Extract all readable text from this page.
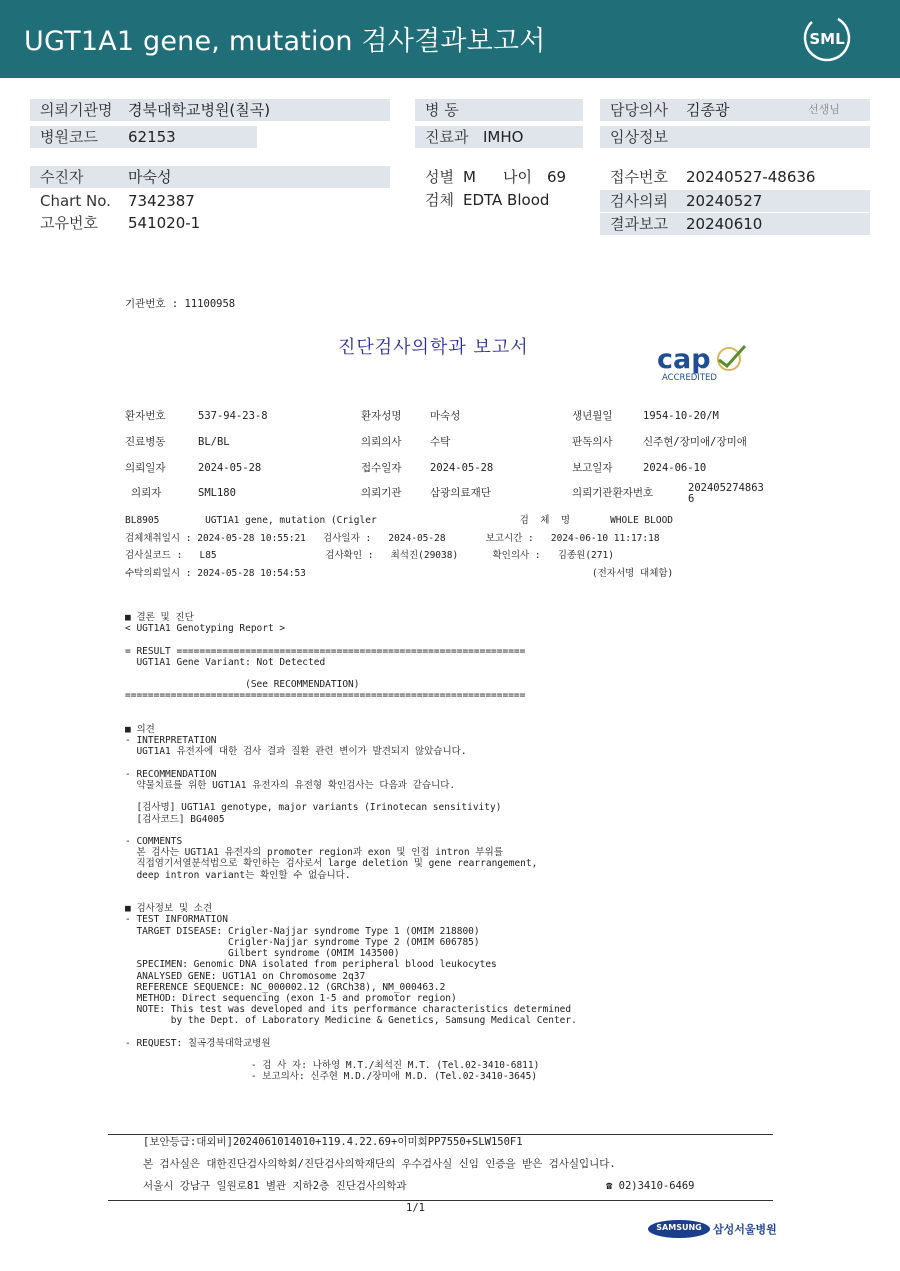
UGT1A1 gene, mutation 검사결과보고서	SML
의뢰기관명 경북대학교병원(칠곡)
병원코드 62153
병 동
진료과 IMHO
담당의사 김종광	선생님
임상정보
수진자	마숙성
Chart No. 7342387
고유번호 541020-1
성별 M 나이 69
검체 EDTA Blood
접수번호 20240527-48636
검사의뢰 20240527
결과보고 20240610
기관번호 : 11100958
진단검사의학과 보고서	cap
ACCREDITED
환자번호	537-94-23-8	환자성명	마숙성	생년월일	1954-10-20/M
진료병동	BL/BL	의뢰의사	수탁	판독의사	신주현/장미애/장미애
의뢰일자	2024-05-28	접수일자	2024-05-28	보고일자	2024-06-10
의뢰자	SML180	의뢰기관	삼광의료재단	의뢰기관환자번호	202405274863
6
BL8905        UGT1A1 gene, mutation (Crigler                         검  체  명       WHOLE BLOOD
검체채취일시 : 2024-05-28 10:55:21   검사일자 :   2024-05-28       보고시간 :   2024-06-10 11:17:18
검사실코드 :   L85                   검사확인 :   최석진(29038)      확인의사 :   김종원(271)
수탁의뢰일시 : 2024-05-28 10:54:53                                                  (전자서명 대체함)
■ 결론 및 진단
< UGT1A1 Genotyping Report >

= RESULT =============================================================
UGT1A1 Gene Variant: Not Detected

(See RECOMMENDATION)
======================================================================

■ 의견
- INTERPRETATION
UGT1A1 유전자에 대한 검사 결과 질환 관련 변이가 발견되지 않았습니다.

- RECOMMENDATION
약물치료를 위한 UGT1A1 유전자의 유전형 확인검사는 다음과 같습니다.

[검사명] UGT1A1 genotype, major variants (Irinotecan sensitivity)
[검사코드] BG4005

- COMMENTS
본 검사는 UGT1A1 유전자의 promoter region과 exon 및 인접 intron 부위를
직접염기서열분석법으로 확인하는 검사로서 large deletion 및 gene rearrangement,
deep intron variant는 확인할 수 없습니다.

■ 검사정보 및 소견
- TEST INFORMATION
TARGET DISEASE: Crigler-Najjar syndrome Type 1 (OMIM 218800)
Crigler-Najjar syndrome Type 2 (OMIM 606785)
Gilbert syndrome (OMIM 143500)
SPECIMEN: Genomic DNA isolated from peripheral blood leukocytes
ANALYSED GENE: UGT1A1 on Chromosome 2q37
REFERENCE SEQUENCE: NC_000002.12 (GRCh38), NM_000463.2
METHOD: Direct sequencing (exon 1-5 and promotor region)
NOTE: This test was developed and its performance characteristics determined
by the Dept. of Laboratory Medicine & Genetics, Samsung Medical Center.

- REQUEST: 칠곡경북대학교병원

- 검 사 자: 나하영 M.T./최석진 M.T. (Tel.02-3410-6811)
- 보고의사: 신주현 M.D./장미애 M.D. (Tel.02-3410-3645)
[보안등급:대외비]2024061014010+119.4.22.69+이미회PP7550+SLW150F1
본 검사실은 대한진단검사의학회/진단검사의학재단의 우수검사실 신임 인증을 받은 검사실입니다.
서울시 강남구 일원로81 별관 지하2층 진단검사의학과	☎ 02)3410-6469
1/1
SAMSUNG	삼성서울병원
